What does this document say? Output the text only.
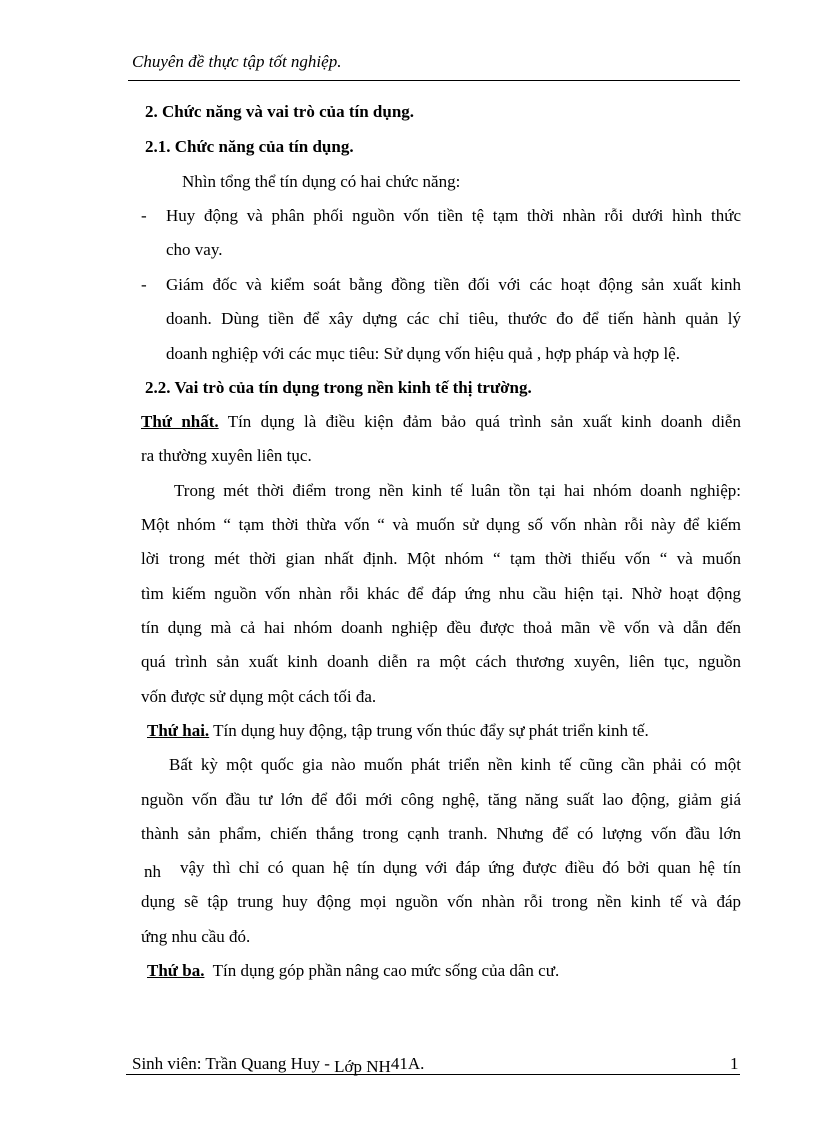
Chuyên đề thực tập tốt nghiệp.
2. Chức năng và vai trò của tín dụng.
2.1. Chức năng của tín dụng.
Nhìn tổng thể tín dụng có hai chức năng:
-	Huy động và phân phối nguồn vốn tiền tệ tạm thời nhàn rỗi dưới hình thức
cho vay.
-	Giám đốc và kiểm soát bằng đồng tiền đối với các hoạt động sản xuất kinh
doanh. Dùng tiền để xây dựng các chỉ tiêu, thước đo để tiến hành quản lý
doanh nghiệp với các mục tiêu: Sử dụng vốn hiệu quả , hợp pháp và hợp lệ.
2.2. Vai trò của tín dụng trong nền kinh tế thị trường.
Thứ nhất. Tín dụng là điều kiện đảm bảo quá trình sản xuất kinh doanh diễn
ra thường xuyên liên tục.
Trong mét thời điểm trong nền kinh tế luân tồn tại hai nhóm doanh nghiệp:
Một nhóm “ tạm thời thừa vốn “ và muốn sử dụng số vốn nhàn rỗi này để kiếm
lời trong mét thời gian nhất định. Một nhóm “ tạm thời thiếu vốn “ và muốn
tìm kiếm nguồn vốn nhàn rỗi khác để đáp ứng nhu cầu hiện tại. Nhờ hoạt động
tín dụng mà cả hai nhóm doanh nghiệp đều được thoả mãn về vốn và dẫn đến
quá trình sản xuất kinh doanh diễn ra một cách thương xuyên, liên tục, nguồn
vốn được sử dụng một cách tối đa.
Thứ hai. Tín dụng huy động, tập trung vốn thúc đẩy sự phát triển kinh tế.
Bất kỳ một quốc gia nào muốn phát triển nền kinh tế cũng cần phải có một
nguồn vốn đầu tư lớn để đổi mới công nghệ, tăng năng suất lao động, giảm giá
thành sản phẩm, chiến thắng trong cạnh tranh. Nhưng để có lượng vốn đầu lớn
nh	vậy thì chỉ có quan hệ tín dụng với đáp ứng được điều đó bởi quan hệ tín
dụng sẽ tập trung huy động mọi nguồn vốn nhàn rỗi trong nền kinh tế và đáp
ứng nhu cầu đó.
Thứ ba. Tín dụng góp phần nâng cao mức sống của dân cư.
Sinh viên: Trần Quang Huy - Lớp NH41A.	1
